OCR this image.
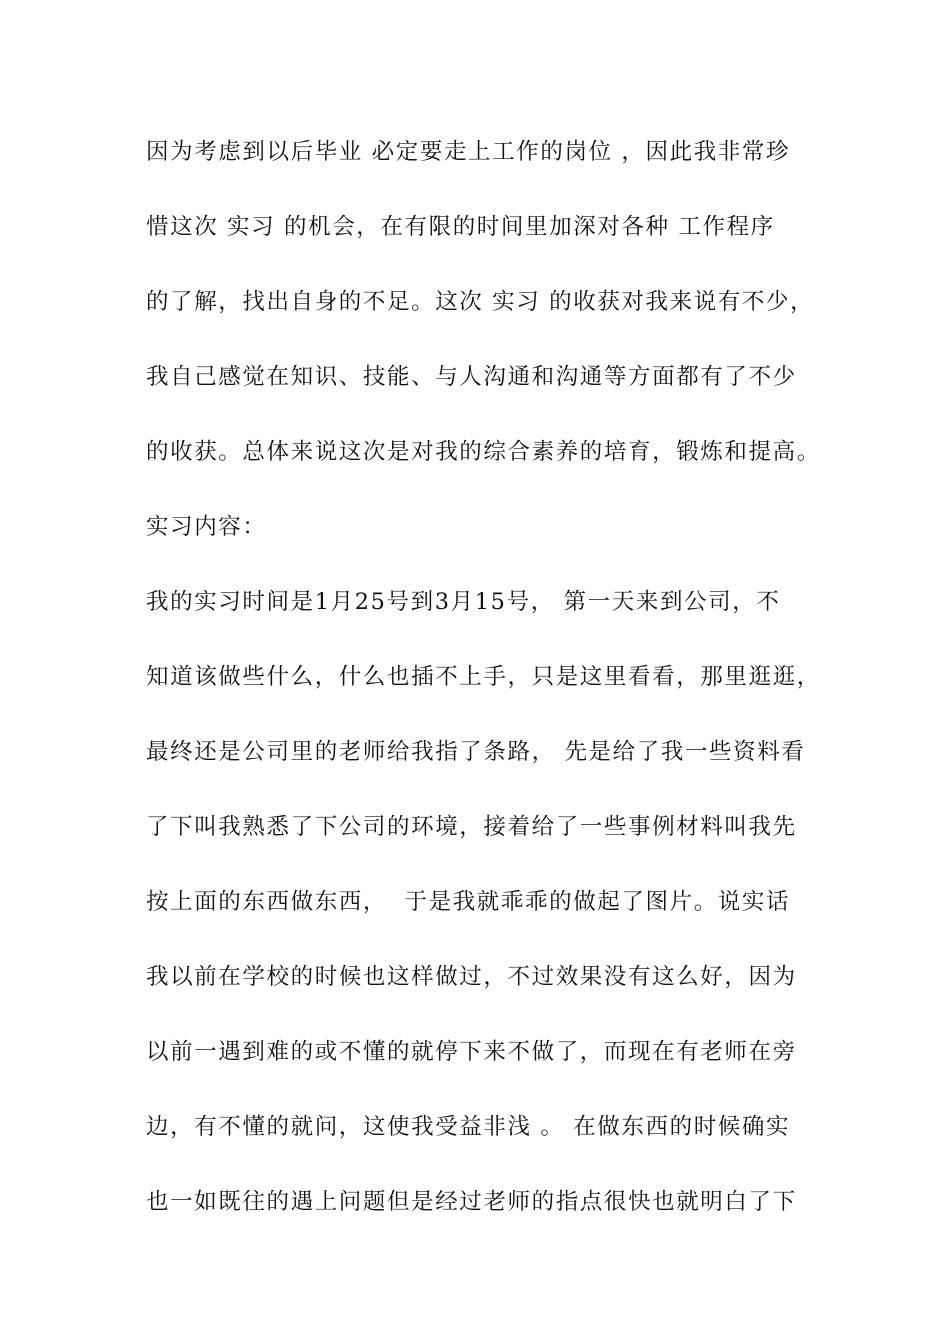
因为考虑到以后毕业 必定要走上工作的岗位 ，因此我非常珍
惜这次 实习 的机会，在有限的时间里加深对各种 工作程序
的了解，找出自身的不足。这次 实习 的收获对我来说有不少，
我自己感觉在知识、技能、与人沟通和沟通等方面都有了不少
的收获。总体来说这次是对我的综合素养的培育，锻炼和提高。
实习内容：
我的实习时间是1月25号到3月15号， 第一天来到公司，不
知道该做些什么，什么也插不上手，只是这里看看，那里逛逛，
最终还是公司里的老师给我指了条路， 先是给了我一些资料看
了下叫我熟悉了下公司的环境，接着给了一些事例材料叫我先
按上面的东西做东西，  于是我就乖乖的做起了图片。说实话
我以前在学校的时候也这样做过，不过效果没有这么好，因为
以前一遇到难的或不懂的就停下来不做了，而现在有老师在旁
边，有不懂的就问，这使我受益非浅 。 在做东西的时候确实
也一如既往的遇上问题但是经过老师的指点很快也就明白了下
